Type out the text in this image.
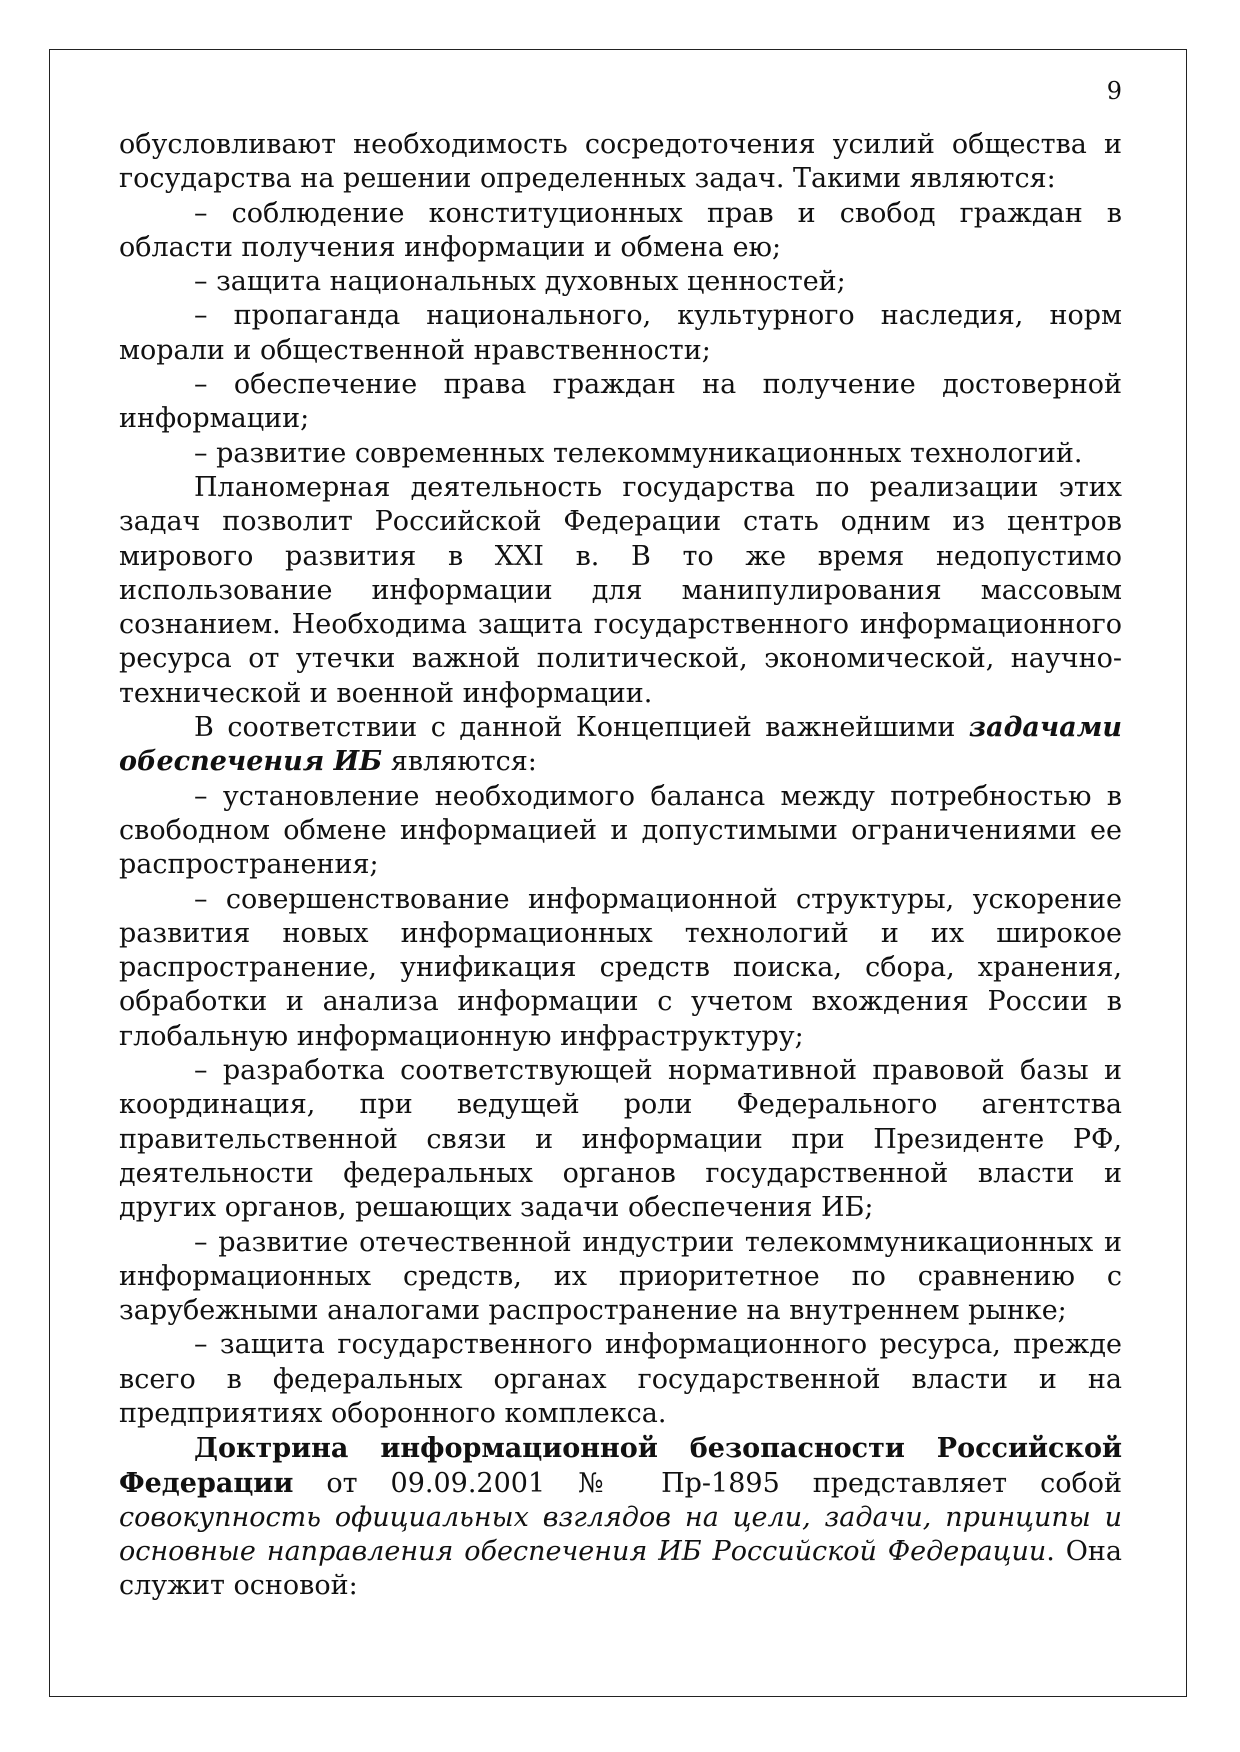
9

обусловливают необходимость сосредоточения усилий общества и государства на решении определенных задач. Такими являются:

– соблюдение конституционных прав и свобод граждан в области получения информации и обмена ею;

– защита национальных духовных ценностей;

– пропаганда национального, культурного наследия, норм морали и общественной нравственности;

– обеспечение права граждан на получение достоверной информации;

– развитие современных телекоммуникационных технологий.

Планомерная деятельность государства по реализации этих задач позволит Российской Федерации стать одним из центров мирового развития в XXI в. В то же время недопустимо использование информации для манипулирования массовым сознанием. Необходима защита государственного информационного ресурса от утечки важной политической, экономической, научно-технической и военной информации.

В соответствии с данной Концепцией важнейшими задачами обеспечения ИБ являются:

– установление необходимого баланса между потребностью в свободном обмене информацией и допустимыми ограничениями ее распространения;

– совершенствование информационной структуры, ускорение развития новых информационных технологий и их широкое распространение, унификация средств поиска, сбора, хранения, обработки и анализа информации с учетом вхождения России в глобальную информационную инфраструктуру;

– разработка соответствующей нормативной правовой базы и координация, при ведущей роли Федерального агентства правительственной связи и информации при Президенте РФ, деятельности федеральных органов государственной власти и других органов, решающих задачи обеспечения ИБ;

– развитие отечественной индустрии телекоммуникационных и информационных средств, их приоритетное по сравнению с зарубежными аналогами распространение на внутреннем рынке;

– защита государственного информационного ресурса, прежде всего в федеральных органах государственной власти и на предприятиях оборонного комплекса.

Доктрина информационной безопасности Российской Федерации от 09.09.2001 № Пр-1895 представляет собой совокупность официальных взглядов на цели, задачи, принципы и основные направления обеспечения ИБ Российской Федерации. Она служит основой:
